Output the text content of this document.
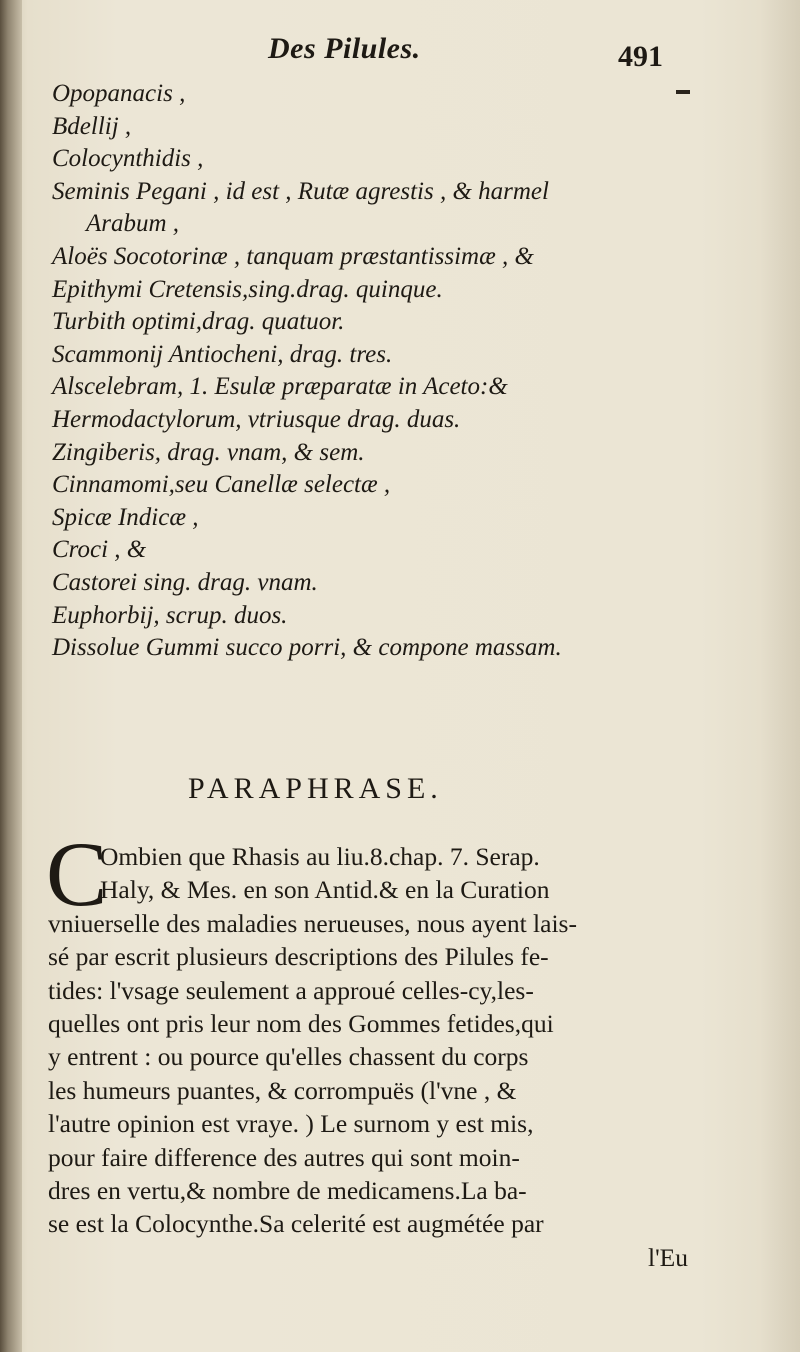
Des Pilules.	491
Opopanacis ,
Bdellij ,
Colocynthidis ,
Seminis Pegani , id est , Rutæ agrestis , & harmel
Arabum ,
Aloës Socotorinæ , tanquam præstantissimæ , &
Epithymi Cretensis,sing.drag. quinque.
Turbith optimi,drag. quatuor.
Scammonij Antiocheni, drag. tres.
Alscelebram, 1. Esulæ præparatæ in Aceto:&
Hermodactylorum, vtriusque drag. duas.
Zingiberis, drag. vnam, & sem.
Cinnamomi,seu Canellæ selectæ ,
Spicæ Indicæ ,
Croci , &
Castorei sing. drag. vnam.
Euphorbij, scrup. duos.
Dissolue Gummi succo porri, & compone massam.
PARAPHRASE.
C
Ombien que Rhasis au liu.8.chap. 7. Serap.
Haly, & Mes. en son Antid.& en la Curation
vniuerselle des maladies nerueuses, nous ayent lais-
sé par escrit plusieurs descriptions des Pilules fe-
tides: l'vsage seulement a approué celles-cy,les-
quelles ont pris leur nom des Gommes fetides,qui
y entrent : ou pource qu'elles chassent du corps
les humeurs puantes, & corrompuës (l'vne , &
l'autre opinion est vraye. ) Le surnom y est mis,
pour faire difference des autres qui sont moin-
dres en vertu,& nombre de medicamens.La ba-
se est la Colocynthe.Sa celerité est augmétée par
l'Eu
